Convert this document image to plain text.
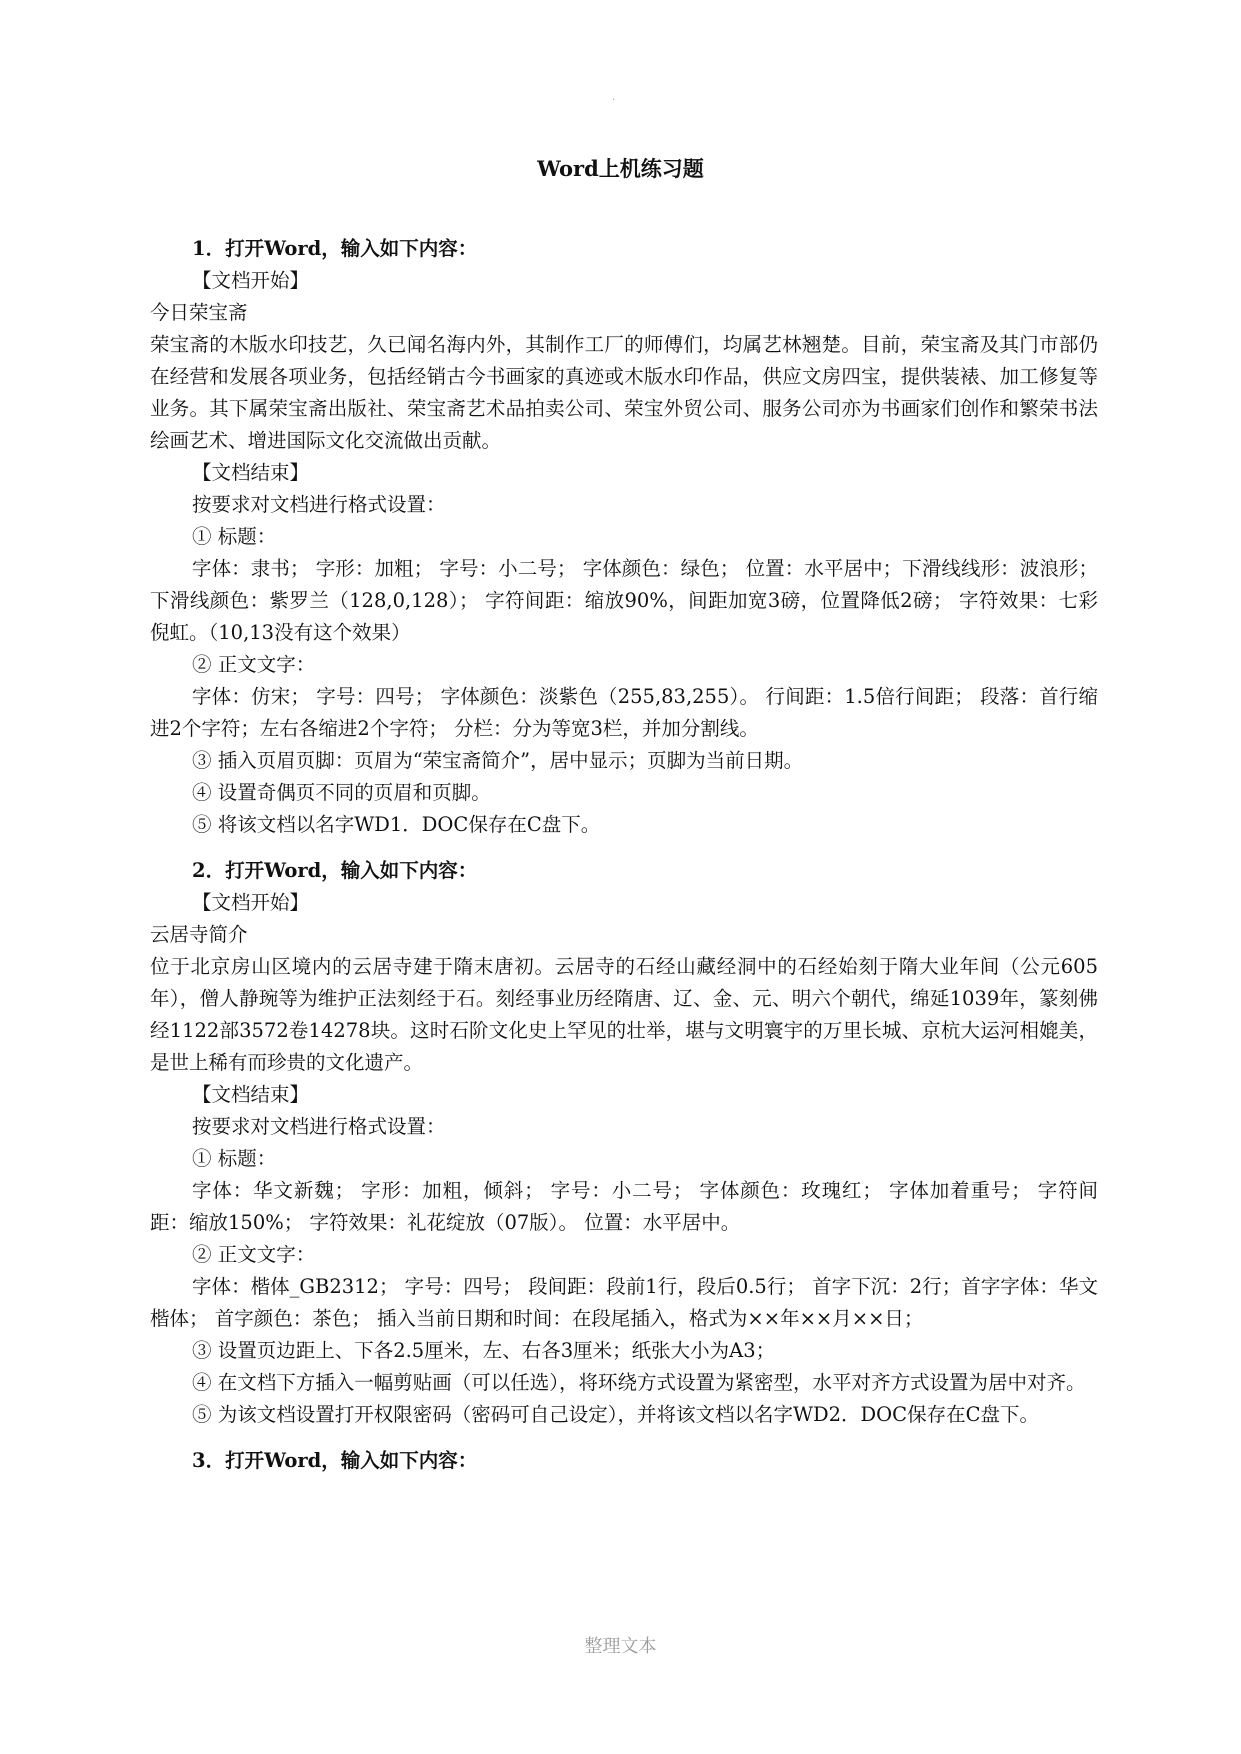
.
Word上机练习题

1．打开Word，输入如下内容：

【文档开始】

今日荣宝斋

荣宝斋的木版水印技艺，久已闻名海内外，其制作工厂的师傅们，均属艺林翘楚。目前，荣宝斋及其门市部仍在经营和发展各项业务，包括经销古今书画家的真迹或木版水印作品，供应文房四宝，提供装裱、加工修复等业务。其下属荣宝斋出版社、荣宝斋艺术品拍卖公司、荣宝外贸公司、服务公司亦为书画家们创作和繁荣书法绘画艺术、增进国际文化交流做出贡献。

【文档结束】

按要求对文档进行格式设置：

① 标题：

字体：隶书； 字形：加粗； 字号：小二号； 字体颜色：绿色； 位置：水平居中；下滑线线形：波浪形； 下滑线颜色：紫罗兰（128,0,128）； 字符间距：缩放90%，间距加宽3磅，位置降低2磅； 字符效果：七彩倪虹。（10,13没有这个效果）

② 正文文字：

字体：仿宋； 字号：四号； 字体颜色：淡紫色（255,83,255）。 行间距：1.5倍行间距； 段落：首行缩进2个字符；左右各缩进2个字符； 分栏：分为等宽3栏，并加分割线。

③ 插入页眉页脚：页眉为“荣宝斋简介”，居中显示；页脚为当前日期。

④ 设置奇偶页不同的页眉和页脚。

⑤ 将该文档以名字WD1．DOC保存在C盘下。

2．打开Word，输入如下内容：

【文档开始】

云居寺简介

位于北京房山区境内的云居寺建于隋末唐初。云居寺的石经山藏经洞中的石经始刻于隋大业年间（公元605年），僧人静琬等为维护正法刻经于石。刻经事业历经隋唐、辽、金、元、明六个朝代，绵延1039年，篆刻佛经1122部3572卷14278块。这时石阶文化史上罕见的壮举，堪与文明寰宇的万里长城、京杭大运河相媲美，是世上稀有而珍贵的文化遗产。

【文档结束】

按要求对文档进行格式设置：

① 标题：

字体：华文新魏； 字形：加粗，倾斜； 字号：小二号； 字体颜色：玫瑰红； 字体加着重号； 字符间距：缩放150%； 字符效果：礼花绽放（07版）。 位置：水平居中。

② 正文文字：

字体：楷体_GB2312； 字号：四号； 段间距：段前1行，段后0.5行； 首字下沉：2行；首字字体：华文楷体； 首字颜色：茶色； 插入当前日期和时间：在段尾插入，格式为××年××月××日；

③ 设置页边距上、下各2.5厘米，左、右各3厘米；纸张大小为A3；

④ 在文档下方插入一幅剪贴画（可以任选），将环绕方式设置为紧密型，水平对齐方式设置为居中对齐。

⑤ 为该文档设置打开权限密码（密码可自己设定），并将该文档以名字WD2．DOC保存在C盘下。

3．打开Word，输入如下内容：

整理文本
